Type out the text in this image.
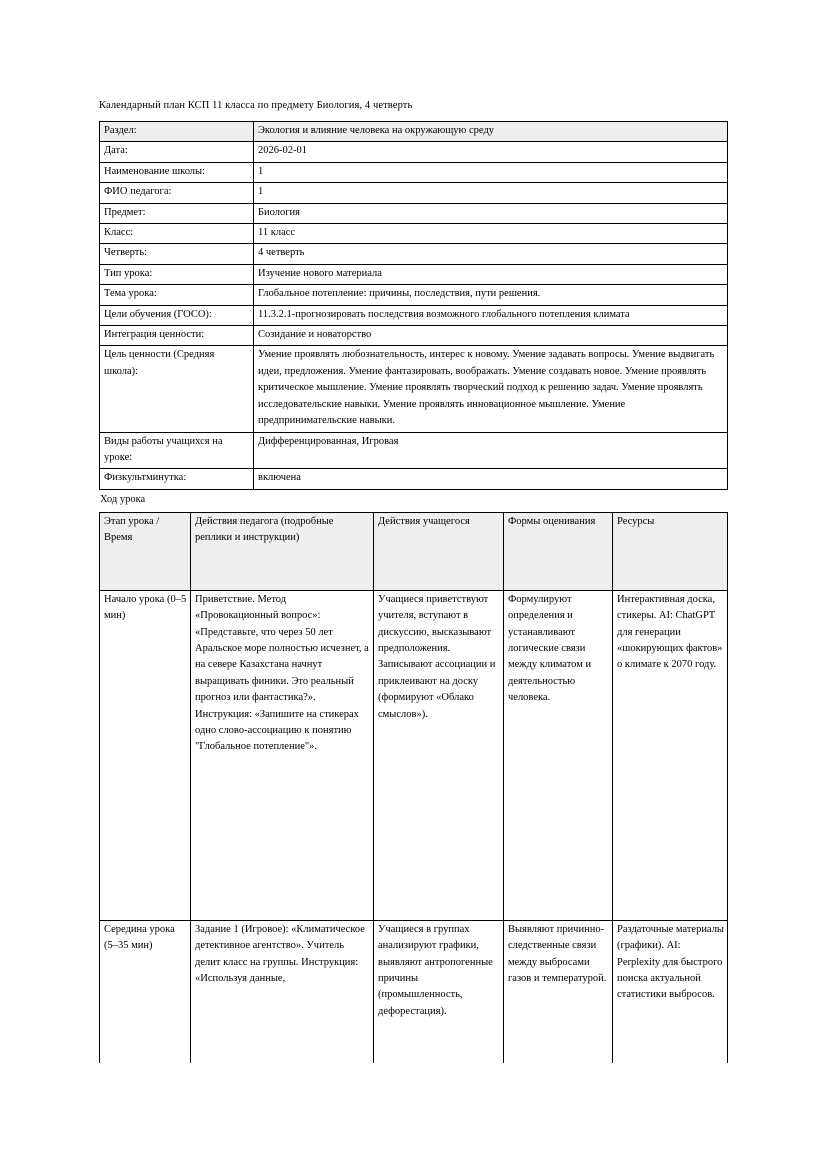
Календарный план КСП 11 класса по предмету Биология, 4 четверть

Раздел:	Экология и влияние человека на окружающую среду
Дата:	2026-02-01
Наименование школы:	1
ФИО педагога:	1
Предмет:	Биология
Класс:	11 класс
Четверть:	4 четверть
Тип урока:	Изучение нового материала
Тема урока:	Глобальное потепление: причины, последствия, пути решения.
Цели обучения (ГОСО):	11.3.2.1-прогнозировать последствия возможного глобального потепления климата
Интеграция ценности:	Созидание и новаторство
Цель ценности (Средняя школа):	Умение проявлять любознательность, интерес к новому. Умение задавать вопросы. Умение выдвигать идеи, предложения. Умение фантазировать, воображать. Умение создавать новое. Умение проявлять критическое мышление. Умение проявлять творческий подход к решению задач. Умение проявлять исследовательские навыки. Умение проявлять инновационное мышление. Умение предпринимательские навыки.
Виды работы учащихся на уроке:	Дифференцированная, Игровая
Физкультминутка:	включена

Ход урока

Этап урока / Время	Действия педагога (подробные реплики и инструкции)	Действия учащегося	Формы оценивания	Ресурсы
Начало урока (0–5 мин)	Приветствие. Метод «Провокационный вопрос»: «Представьте, что через 50 лет Аральское море полностью исчезнет, а на севере Казахстана начнут выращивать финики. Это реальный прогноз или фантастика?». Инструкция: «Запишите на стикерах одно слово-ассоциацию к понятию "Глобальное потепление"».	Учащиеся приветствуют учителя, вступают в дискуссию, высказывают предположения. Записывают ассоциации и приклеивают на доску (формируют «Облако смыслов»).	Формулируют определения и устанавливают логические связи между климатом и деятельностью человека.	Интерактивная доска, стикеры. AI: ChatGPT для генерации «шокирующих фактов» о климате к 2070 году.
Середина урока (5–35 мин)	Задание 1 (Игровое): «Климатическое детективное агентство». Учитель делит класс на группы. Инструкция: «Используя данные,	Учащиеся в группах анализируют графики, выявляют антропогенные причины (промышленность, дефорестация).	Выявляют причинно-следственные связи между выбросами газов и температурой.	Раздаточные материалы (графики). AI: Perplexity для быстрого поиска актуальной статистики выбросов.
